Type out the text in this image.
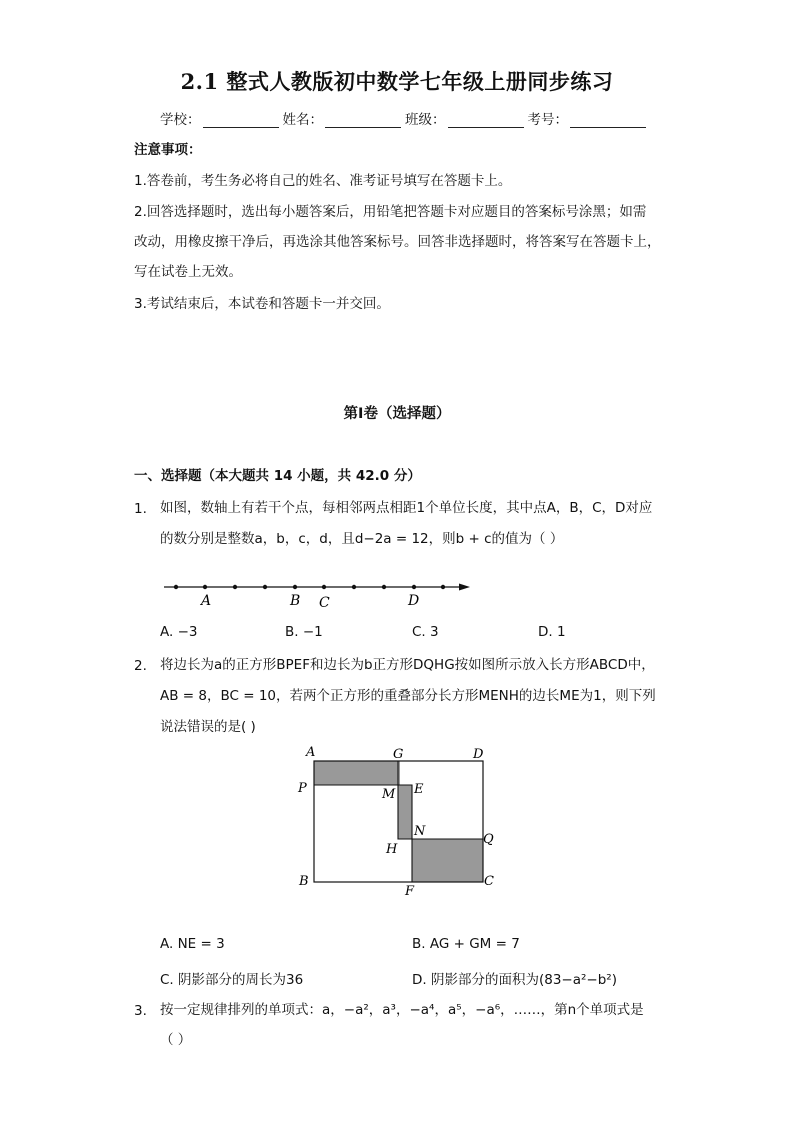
2.1 整式人教版初中数学七年级上册同步练习
学校：	姓名：	班级：	考号：
注意事项：
1.答卷前，考生务必将自己的姓名、准考证号填写在答题卡上。
2.回答选择题时，选出每小题答案后，用铅笔把答题卡对应题目的答案标号涂黑；如需
改动，用橡皮擦干净后，再选涂其他答案标号。回答非选择题时，将答案写在答题卡上，
写在试卷上无效。
3.考试结束后，本试卷和答题卡一并交回。
第Ⅰ卷（选择题）
一、选择题（本大题共 14 小题，共 42.0 分）
1. 如图，数轴上有若干个点，每相邻两点相距1个单位长度，其中点A，B，C，D对应
的数分别是整数a，b，c，d，且d−2a = 12，则b + c的值为（ ）
A	B C	D
A. −3	B. −1	C. 3	D. 1
2. 将边长为a的正方形BPEF和边长为b正方形DQHG按如图所示放入长方形ABCD中，
AB = 8，BC = 10，若两个正方形的重叠部分长方形MENH的边长ME为1，则下列
说法错误的是( )
A	G	D
P	M E
N
Q
H
B
F
C
A. NE = 3	B. AG + GM = 7
C. 阴影部分的周长为36	D. 阴影部分的面积为(83−a²−b²)
3. 按一定规律排列的单项式：a，−a²，a³，−a⁴，a⁵，−a⁶，……，第n个单项式是
（ ）
